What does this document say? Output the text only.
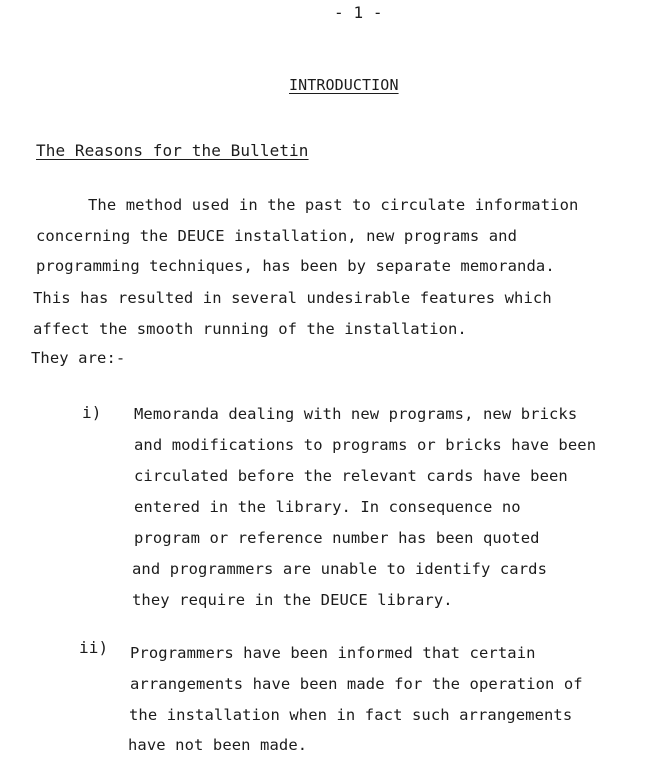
- 1 -
INTRODUCTION
The Reasons for the Bulletin
The method used in the past to circulate information
concerning the DEUCE installation, new programs and
programming techniques, has been by separate memoranda.
This has resulted in several undesirable features which
affect the smooth running of the installation.
They are:-
i) Memoranda dealing with new programs, new bricks
and modifications to programs or bricks have been
circulated before the relevant cards have been
entered in the library. In consequence no
program or reference number has been quoted
and programmers are unable to identify cards
they require in the DEUCE library.
ii) Programmers have been informed that certain
arrangements have been made for the operation of
the installation when in fact such arrangements
have not been made.
